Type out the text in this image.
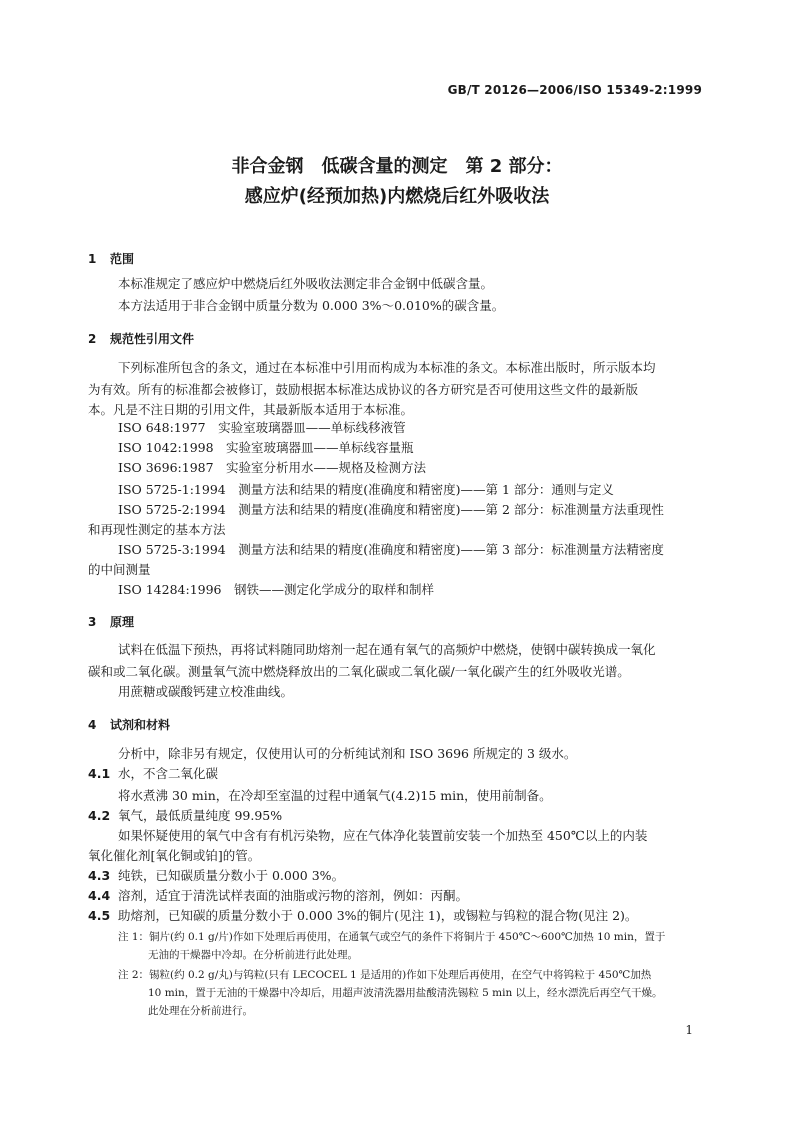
GB/T 20126—2006/ISO 15349-2:1999
非合金钢　低碳含量的测定　第 2 部分：
感应炉(经预加热)内燃烧后红外吸收法
1 范围
本标准规定了感应炉中燃烧后红外吸收法测定非合金钢中低碳含量。
本方法适用于非合金钢中质量分数为 0.000 3%～0.010%的碳含量。
2 规范性引用文件
下列标准所包含的条文，通过在本标准中引用而构成为本标准的条文。本标准出版时，所示版本均
为有效。所有的标准都会被修订，鼓励根据本标准达成协议的各方研究是否可使用这些文件的最新版
本。凡是不注日期的引用文件，其最新版本适用于本标准。
ISO 648:1977　实验室玻璃器皿——单标线移液管
ISO 1042:1998　实验室玻璃器皿——单标线容量瓶
ISO 3696:1987　实验室分析用水——规格及检测方法
ISO 5725-1:1994　测量方法和结果的精度(准确度和精密度)——第 1 部分：通则与定义
ISO 5725-2:1994　测量方法和结果的精度(准确度和精密度)——第 2 部分：标准测量方法重现性
和再现性测定的基本方法
ISO 5725-3:1994　测量方法和结果的精度(准确度和精密度)——第 3 部分：标准测量方法精密度
的中间测量
ISO 14284:1996　钢铁——测定化学成分的取样和制样
3 原理
试料在低温下预热，再将试料随同助熔剂一起在通有氧气的高频炉中燃烧，使钢中碳转换成一氧化
碳和或二氧化碳。测量氧气流中燃烧释放出的二氧化碳或二氧化碳/一氧化碳产生的红外吸收光谱。
用蔗糖或碳酸钙建立校准曲线。
4 试剂和材料
分析中，除非另有规定，仅使用认可的分析纯试剂和 ISO 3696 所规定的 3 级水。
4.1 水，不含二氧化碳
将水煮沸 30 min，在冷却至室温的过程中通氧气(4.2)15 min，使用前制备。
4.2 氧气，最低质量纯度 99.95%
如果怀疑使用的氧气中含有有机污染物，应在气体净化装置前安装一个加热至 450℃以上的内装
氧化催化剂[氧化铜或铂]的管。
4.3 纯铁，已知碳质量分数小于 0.000 3%。
4.4 溶剂，适宜于清洗试样表面的油脂或污物的溶剂，例如：丙酮。
4.5 助熔剂，已知碳的质量分数小于 0.000 3%的铜片(见注 1)，或锡粒与钨粒的混合物(见注 2)。
注 1：铜片(约 0.1 g/片)作如下处理后再使用，在通氧气或空气的条件下将铜片于 450℃～600℃加热 10 min，置于
无油的干燥器中冷却。在分析前进行此处理。
注 2：锡粒(约 0.2 g/丸)与钨粒(只有 LECOCEL 1 是适用的)作如下处理后再使用，在空气中将钨粒于 450℃加热
10 min，置于无油的干燥器中冷却后，用超声波清洗器用盐酸清洗锡粒 5 min 以上，经水漂洗后再空气干燥。
此处理在分析前进行。
1
